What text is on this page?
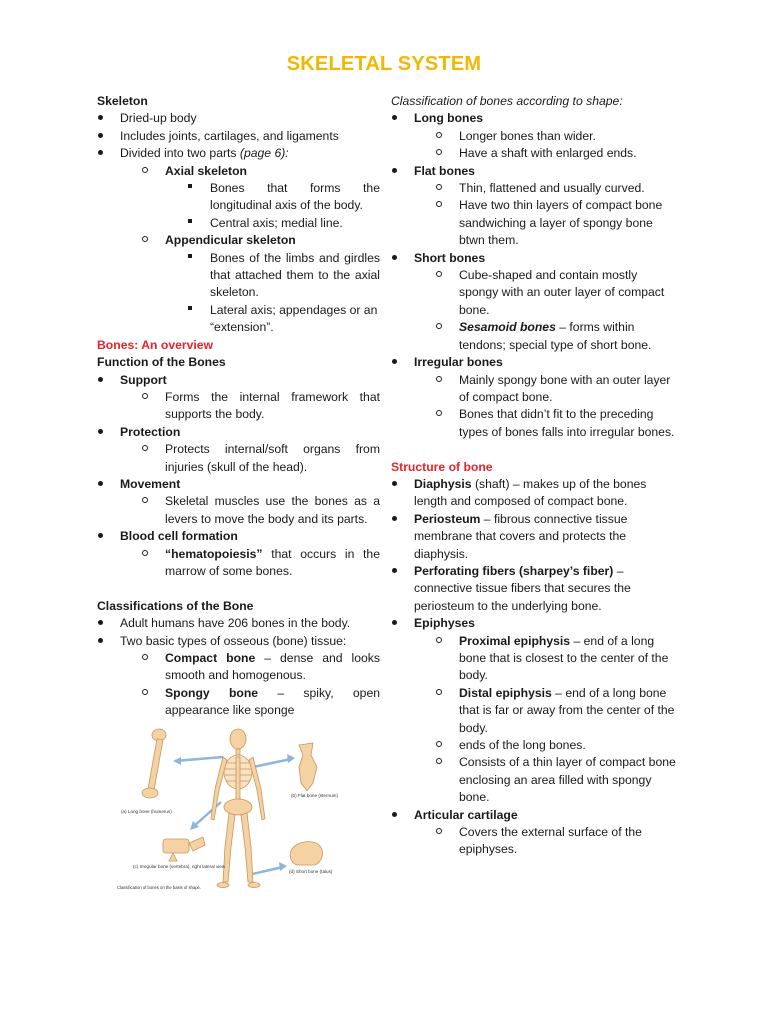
SKELETAL SYSTEM
Skeleton
Dried-up body
Includes joints, cartilages, and ligaments
Divided into two parts (page 6):
Axial skeleton
Bones that forms the longitudinal axis of the body.
Central axis; medial line.
Appendicular skeleton
Bones of the limbs and girdles that attached them to the axial skeleton.
Lateral axis; appendages or an “extension”.
Bones: An overview
Function of the Bones
Support
Forms the internal framework that supports the body.
Protection
Protects internal/soft organs from injuries (skull of the head).
Movement
Skeletal muscles use the bones as a levers to move the body and its parts.
Blood cell formation
“hematopoiesis” that occurs in the marrow of some bones.
Classifications of the Bone
Adult humans have 206 bones in the body.
Two basic types of osseous (bone) tissue:
Compact bone – dense and looks smooth and homogenous.
Spongy bone – spiky, open appearance like sponge
(a) Long bone (humerus)
(b) Flat bone (sternum)
(c) Irregular bone (vertebra), right lateral view
(d) Short bone (talus)
Classification of bones on the basis of shape.
Classification of bones according to shape:
Long bones
Longer bones than wider.
Have a shaft with enlarged ends.
Flat bones
Thin, flattened and usually curved.
Have two thin layers of compact bone sandwiching a layer of spongy bone btwn them.
Short bones
Cube-shaped and contain mostly spongy with an outer layer of compact bone.
Sesamoid bones – forms within tendons; special type of short bone.
Irregular bones
Mainly spongy bone with an outer layer of compact bone.
Bones that didn’t fit to the preceding types of bones falls into irregular bones.
Structure of bone
Diaphysis (shaft) – makes up of the bones length and composed of compact bone.
Periosteum – fibrous connective tissue membrane that covers and protects the diaphysis.
Perforating fibers (sharpey’s fiber) – connective tissue fibers that secures the periosteum to the underlying bone.
Epiphyses
Proximal epiphysis – end of a long bone that is closest to the center of the body.
Distal epiphysis – end of a long bone that is far or away from the center of the body.
ends of the long bones.
Consists of a thin layer of compact bone enclosing an area filled with spongy bone.
Articular cartilage
Covers the external surface of the epiphyses.
